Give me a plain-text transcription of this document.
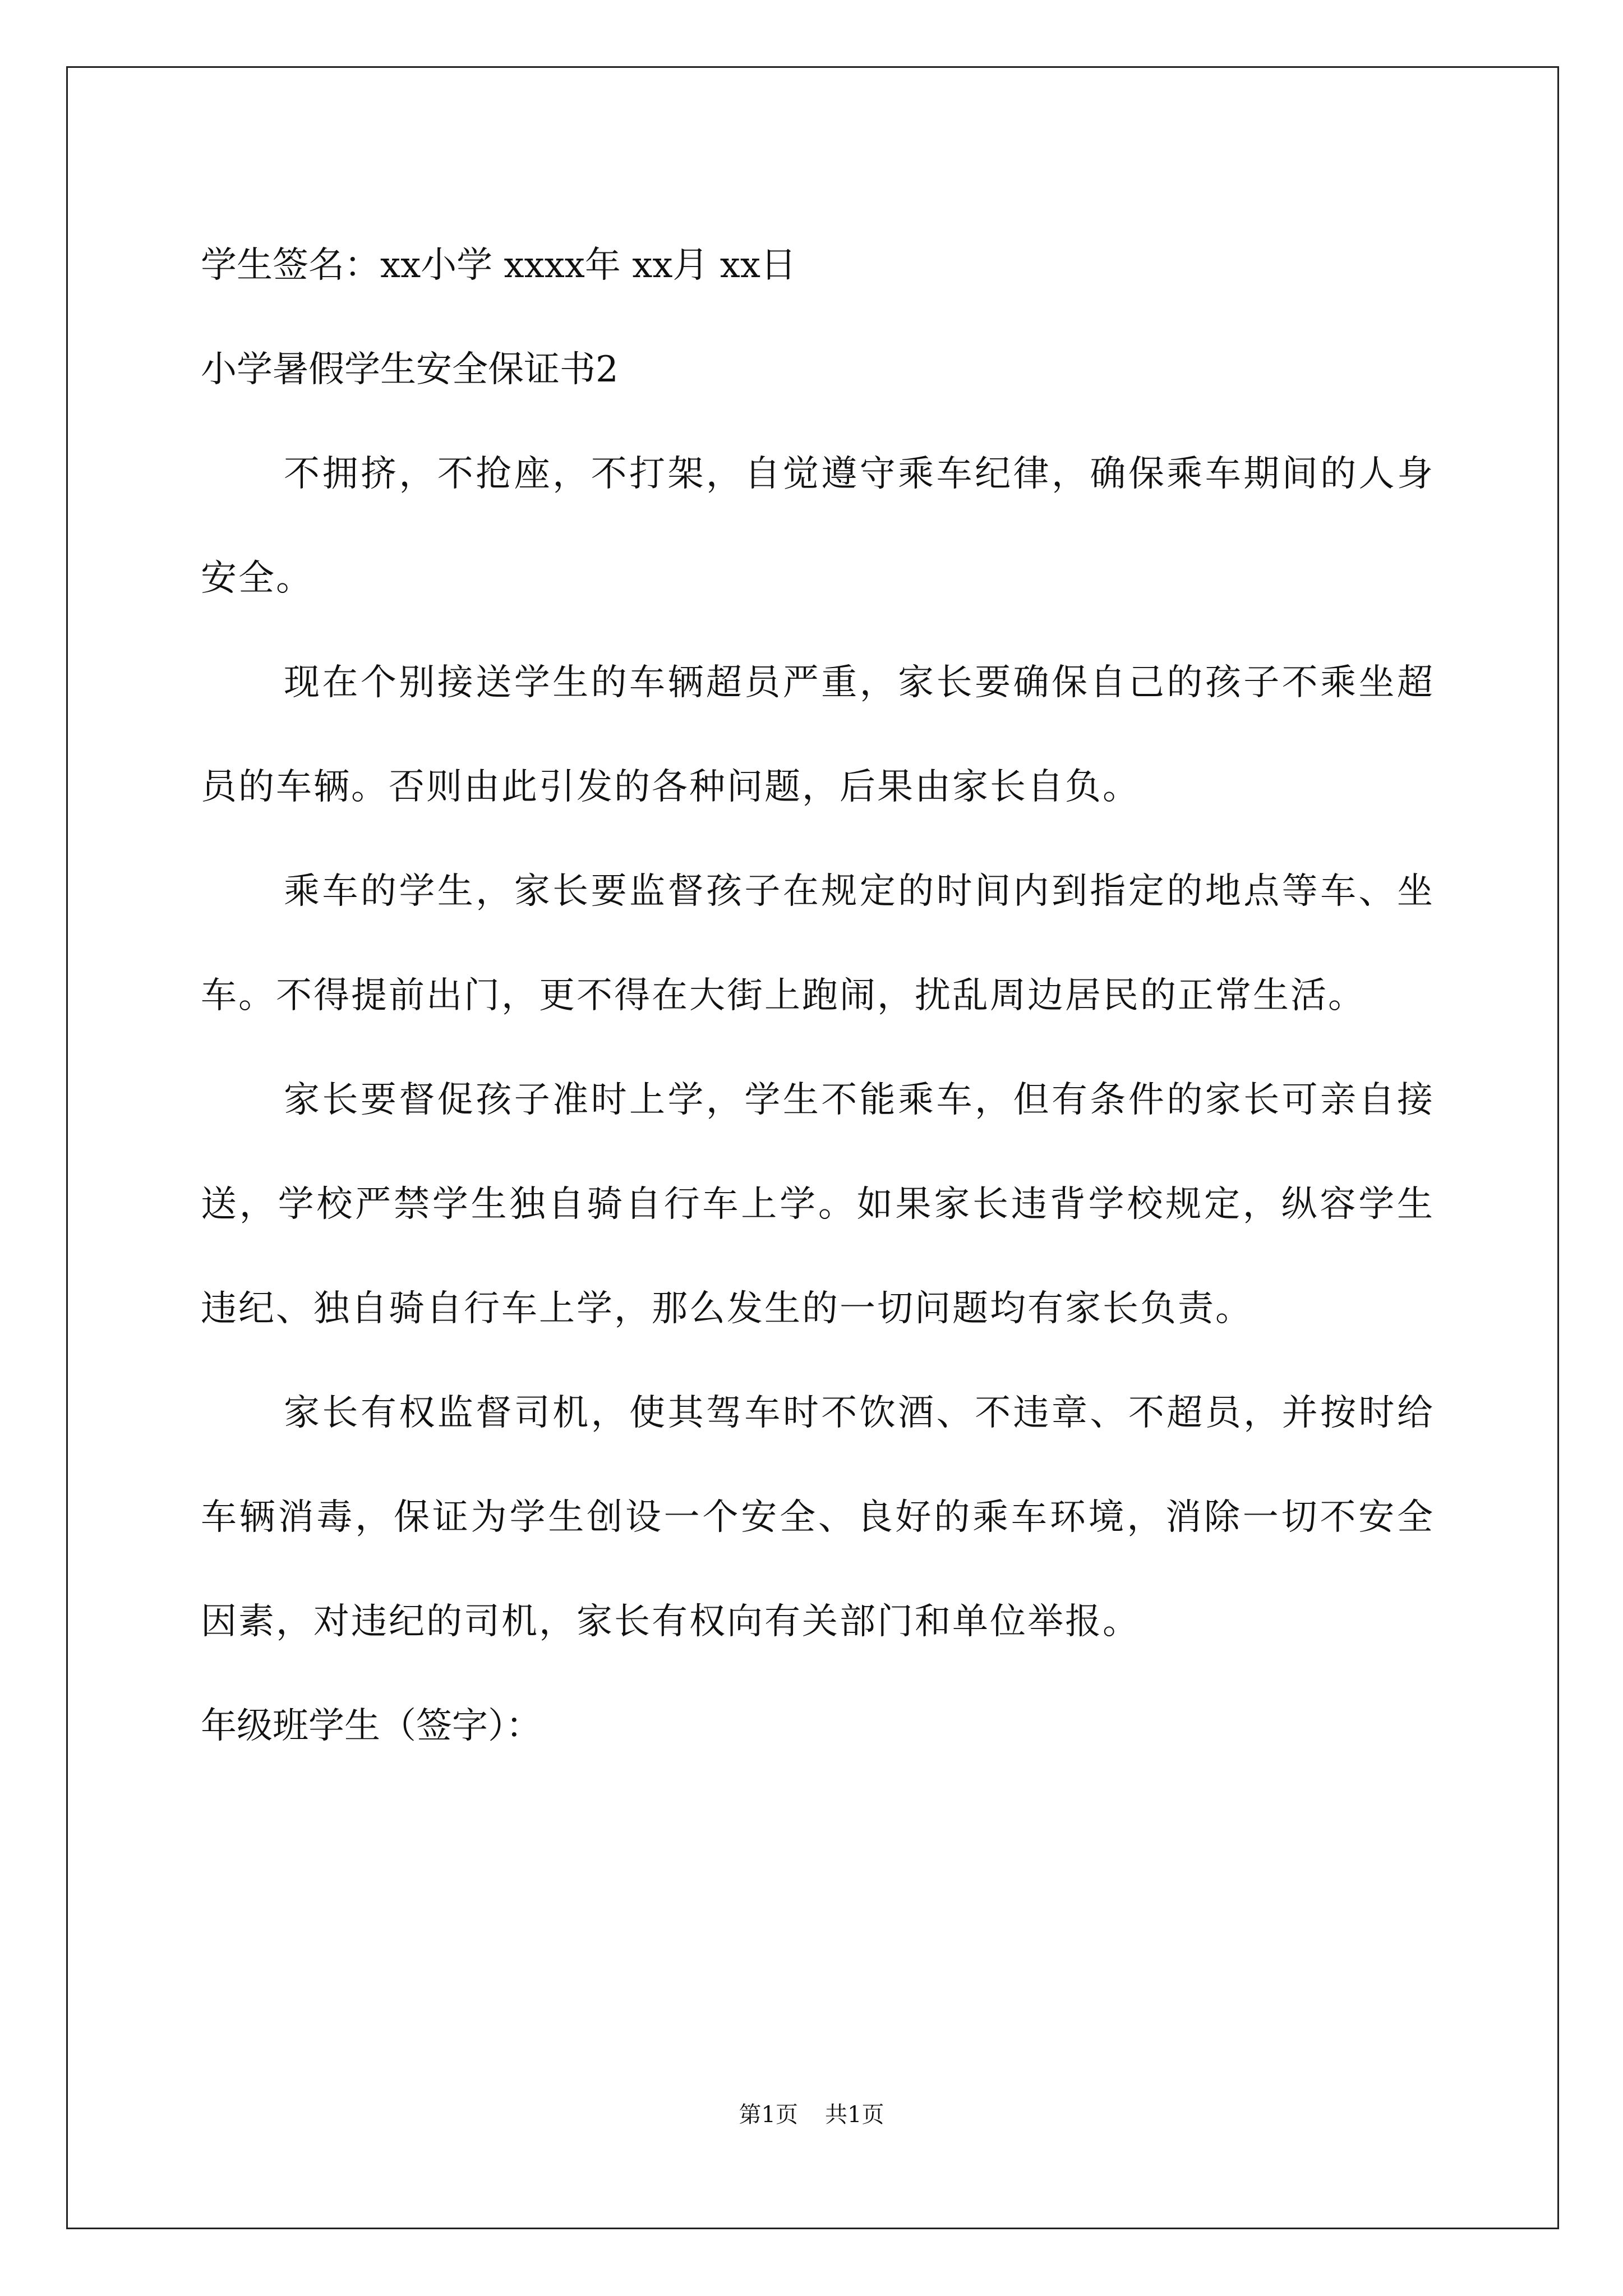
学生签名：xx小学 xxxx年 xx月 xx日

小学暑假学生安全保证书2

不拥挤，不抢座，不打架，自觉遵守乘车纪律，确保乘车期间的人身安全。

现在个别接送学生的车辆超员严重，家长要确保自己的孩子不乘坐超员的车辆。否则由此引发的各种问题，后果由家长自负。

乘车的学生，家长要监督孩子在规定的时间内到指定的地点等车、坐车。不得提前出门，更不得在大街上跑闹，扰乱周边居民的正常生活。

家长要督促孩子准时上学，学生不能乘车，但有条件的家长可亲自接送，学校严禁学生独自骑自行车上学。如果家长违背学校规定，纵容学生违纪、独自骑自行车上学，那么发生的一切问题均有家长负责。

家长有权监督司机，使其驾车时不饮酒、不违章、不超员，并按时给车辆消毒，保证为学生创设一个安全、良好的乘车环境，消除一切不安全因素，对违纪的司机，家长有权向有关部门和单位举报。

年级班学生（签字）：

第1页 共1页
